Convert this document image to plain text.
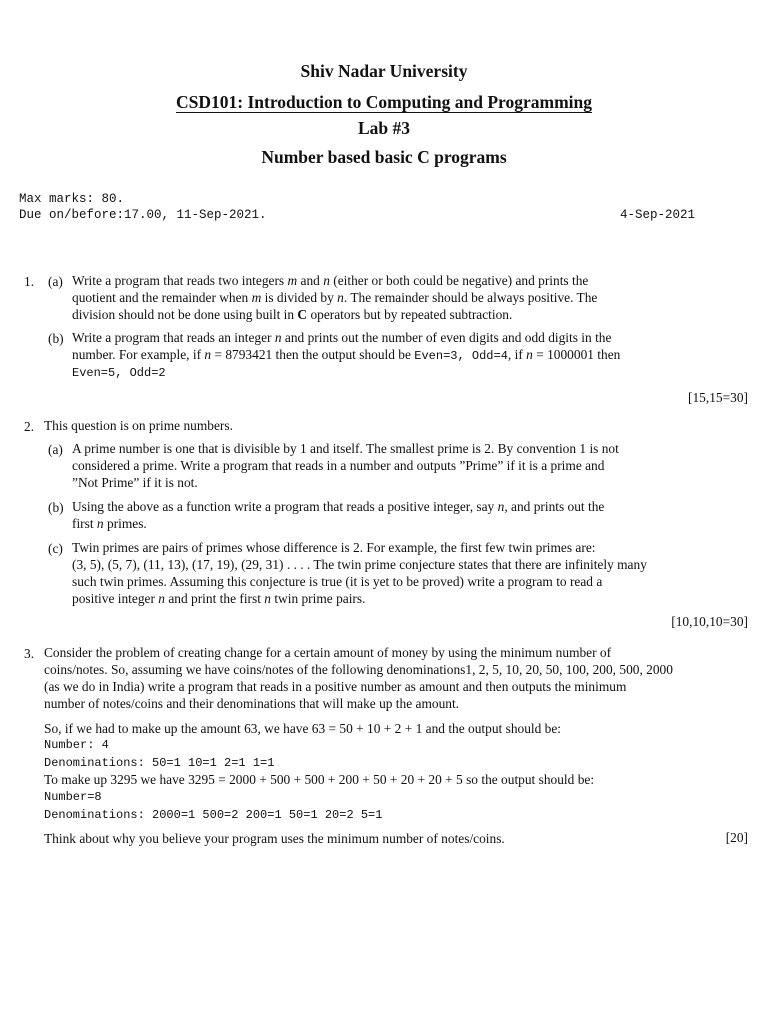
Shiv Nadar University
CSD101: Introduction to Computing and Programming
Lab #3
Number based basic C programs
Max marks: 80.
Due on/before:17.00, 11-Sep-2021.	4-Sep-2021
1. (a) Write a program that reads two integers m and n (either or both could be negative) and prints the
quotient and the remainder when m is divided by n. The remainder should be always positive. The
division should not be done using built in C operators but by repeated subtraction.
(b) Write a program that reads an integer n and prints out the number of even digits and odd digits in the
number. For example, if n = 8793421 then the output should be Even=3, Odd=4, if n = 1000001 then
Even=5, Odd=2
[15,15=30]
2. This question is on prime numbers.
(a) A prime number is one that is divisible by 1 and itself. The smallest prime is 2. By convention 1 is not
considered a prime. Write a program that reads in a number and outputs ”Prime” if it is a prime and
”Not Prime” if it is not.
(b) Using the above as a function write a program that reads a positive integer, say n, and prints out the
first n primes.
(c) Twin primes are pairs of primes whose difference is 2. For example, the first few twin primes are:
(3, 5), (5, 7), (11, 13), (17, 19), (29, 31) . . . . The twin prime conjecture states that there are infinitely many
such twin primes. Assuming this conjecture is true (it is yet to be proved) write a program to read a
positive integer n and print the first n twin prime pairs.
[10,10,10=30]
3. Consider the problem of creating change for a certain amount of money by using the minimum number of
coins/notes. So, assuming we have coins/notes of the following denominations1, 2, 5, 10, 20, 50, 100, 200, 500, 2000
(as we do in India) write a program that reads in a positive number as amount and then outputs the minimum
number of notes/coins and their denominations that will make up the amount.
So, if we had to make up the amount 63, we have 63 = 50 + 10 + 2 + 1 and the output should be:
Number: 4
Denominations: 50=1 10=1 2=1 1=1
To make up 3295 we have 3295 = 2000 + 500 + 500 + 200 + 50 + 20 + 20 + 5 so the output should be:
Number=8
Denominations: 2000=1 500=2 200=1 50=1 20=2 5=1
Think about why you believe your program uses the minimum number of notes/coins.	[20]
